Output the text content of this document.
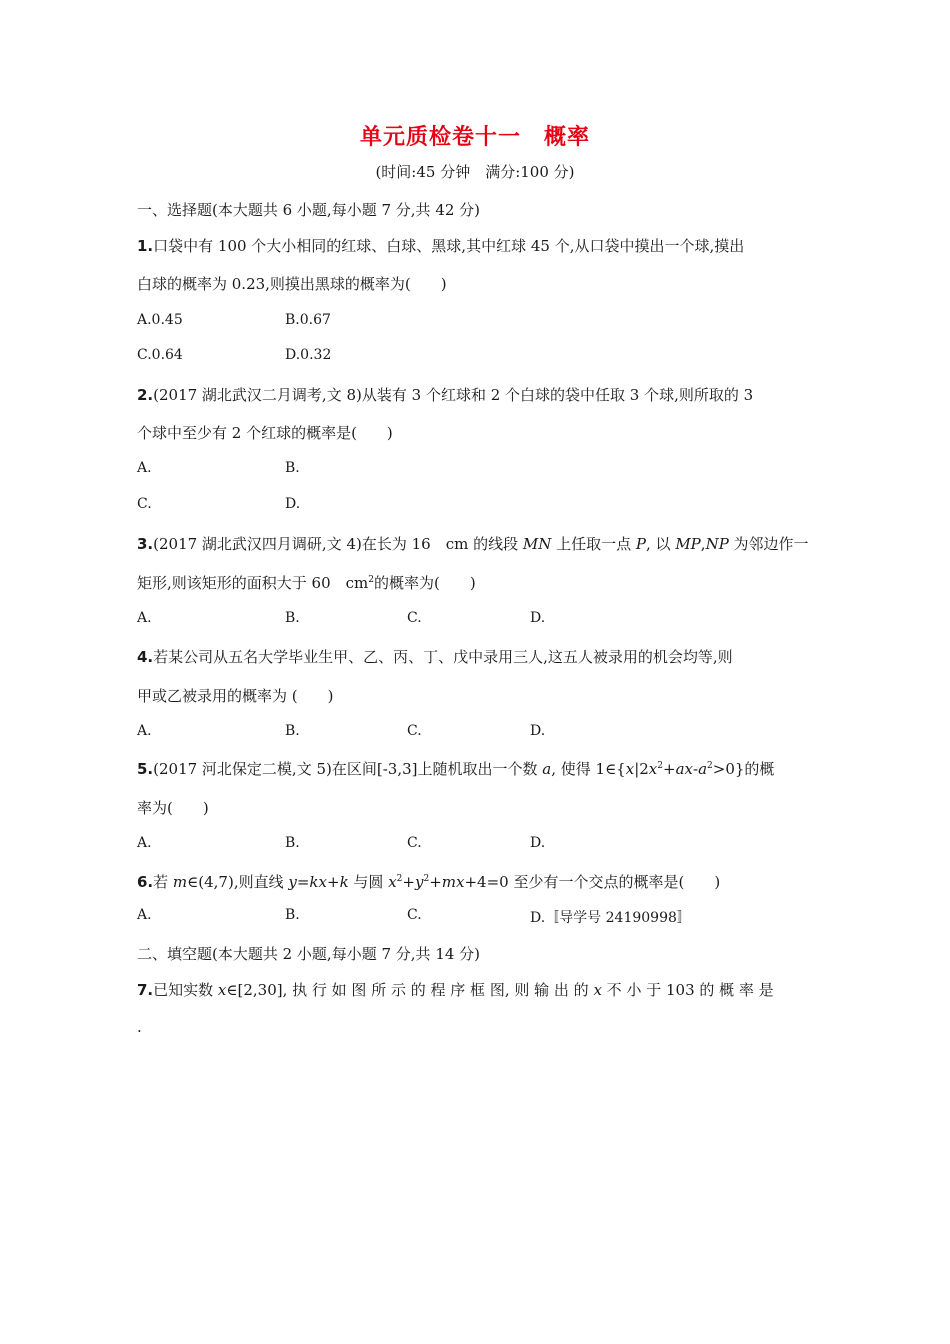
单元质检卷十一　概率
(时间:45 分钟　满分:100 分)
一、选择题(本大题共 6 小题,每小题 7 分,共 42 分)
1.口袋中有 100 个大小相同的红球、白球、黑球,其中红球 45 个,从口袋中摸出一个球,摸出
白球的概率为 0.23,则摸出黑球的概率为(　　)
A.0.45	B.0.67
C.0.64	D.0.32
2.(2017 湖北武汉二月调考,文 8)从装有 3 个红球和 2 个白球的袋中任取 3 个球,则所取的 3
个球中至少有 2 个红球的概率是(　　)
A.	B.
C.	D.
3.(2017 湖北武汉四月调研,文 4)在长为 16　cm 的线段 MN 上任取一点 P, 以 MP,NP 为邻边作一
矩形,则该矩形的面积大于 60　$cm^2$的概率为(　　)
A.	B.	C.	D.
4.若某公司从五名大学毕业生甲、乙、丙、丁、戊中录用三人,这五人被录用的机会均等,则
甲或乙被录用的概率为 (　　)
A.	B.	C.	D.
5.(2017 河北保定二模,文 5)在区间[-3,3]上随机取出一个数 a, 使得 $1\in\{x|2x^2+ax-a^2>0\}$的概
率为(　　)
A.	B.	C.	D.
6.若 m∈(4,7),则直线 y=kx+k 与圆 $x^2+y^2+mx+4=0$ 至少有一个交点的概率是(　　)
A.	B.	C.	D.〚导学号 24190998〛
二、填空题(本大题共 2 小题,每小题 7 分,共 14 分)
7.已知实数 x∈[2,30], 执 行 如 图 所 示 的 程 序 框 图, 则 输 出 的 x 不 小 于 103 的 概 率 是
.
